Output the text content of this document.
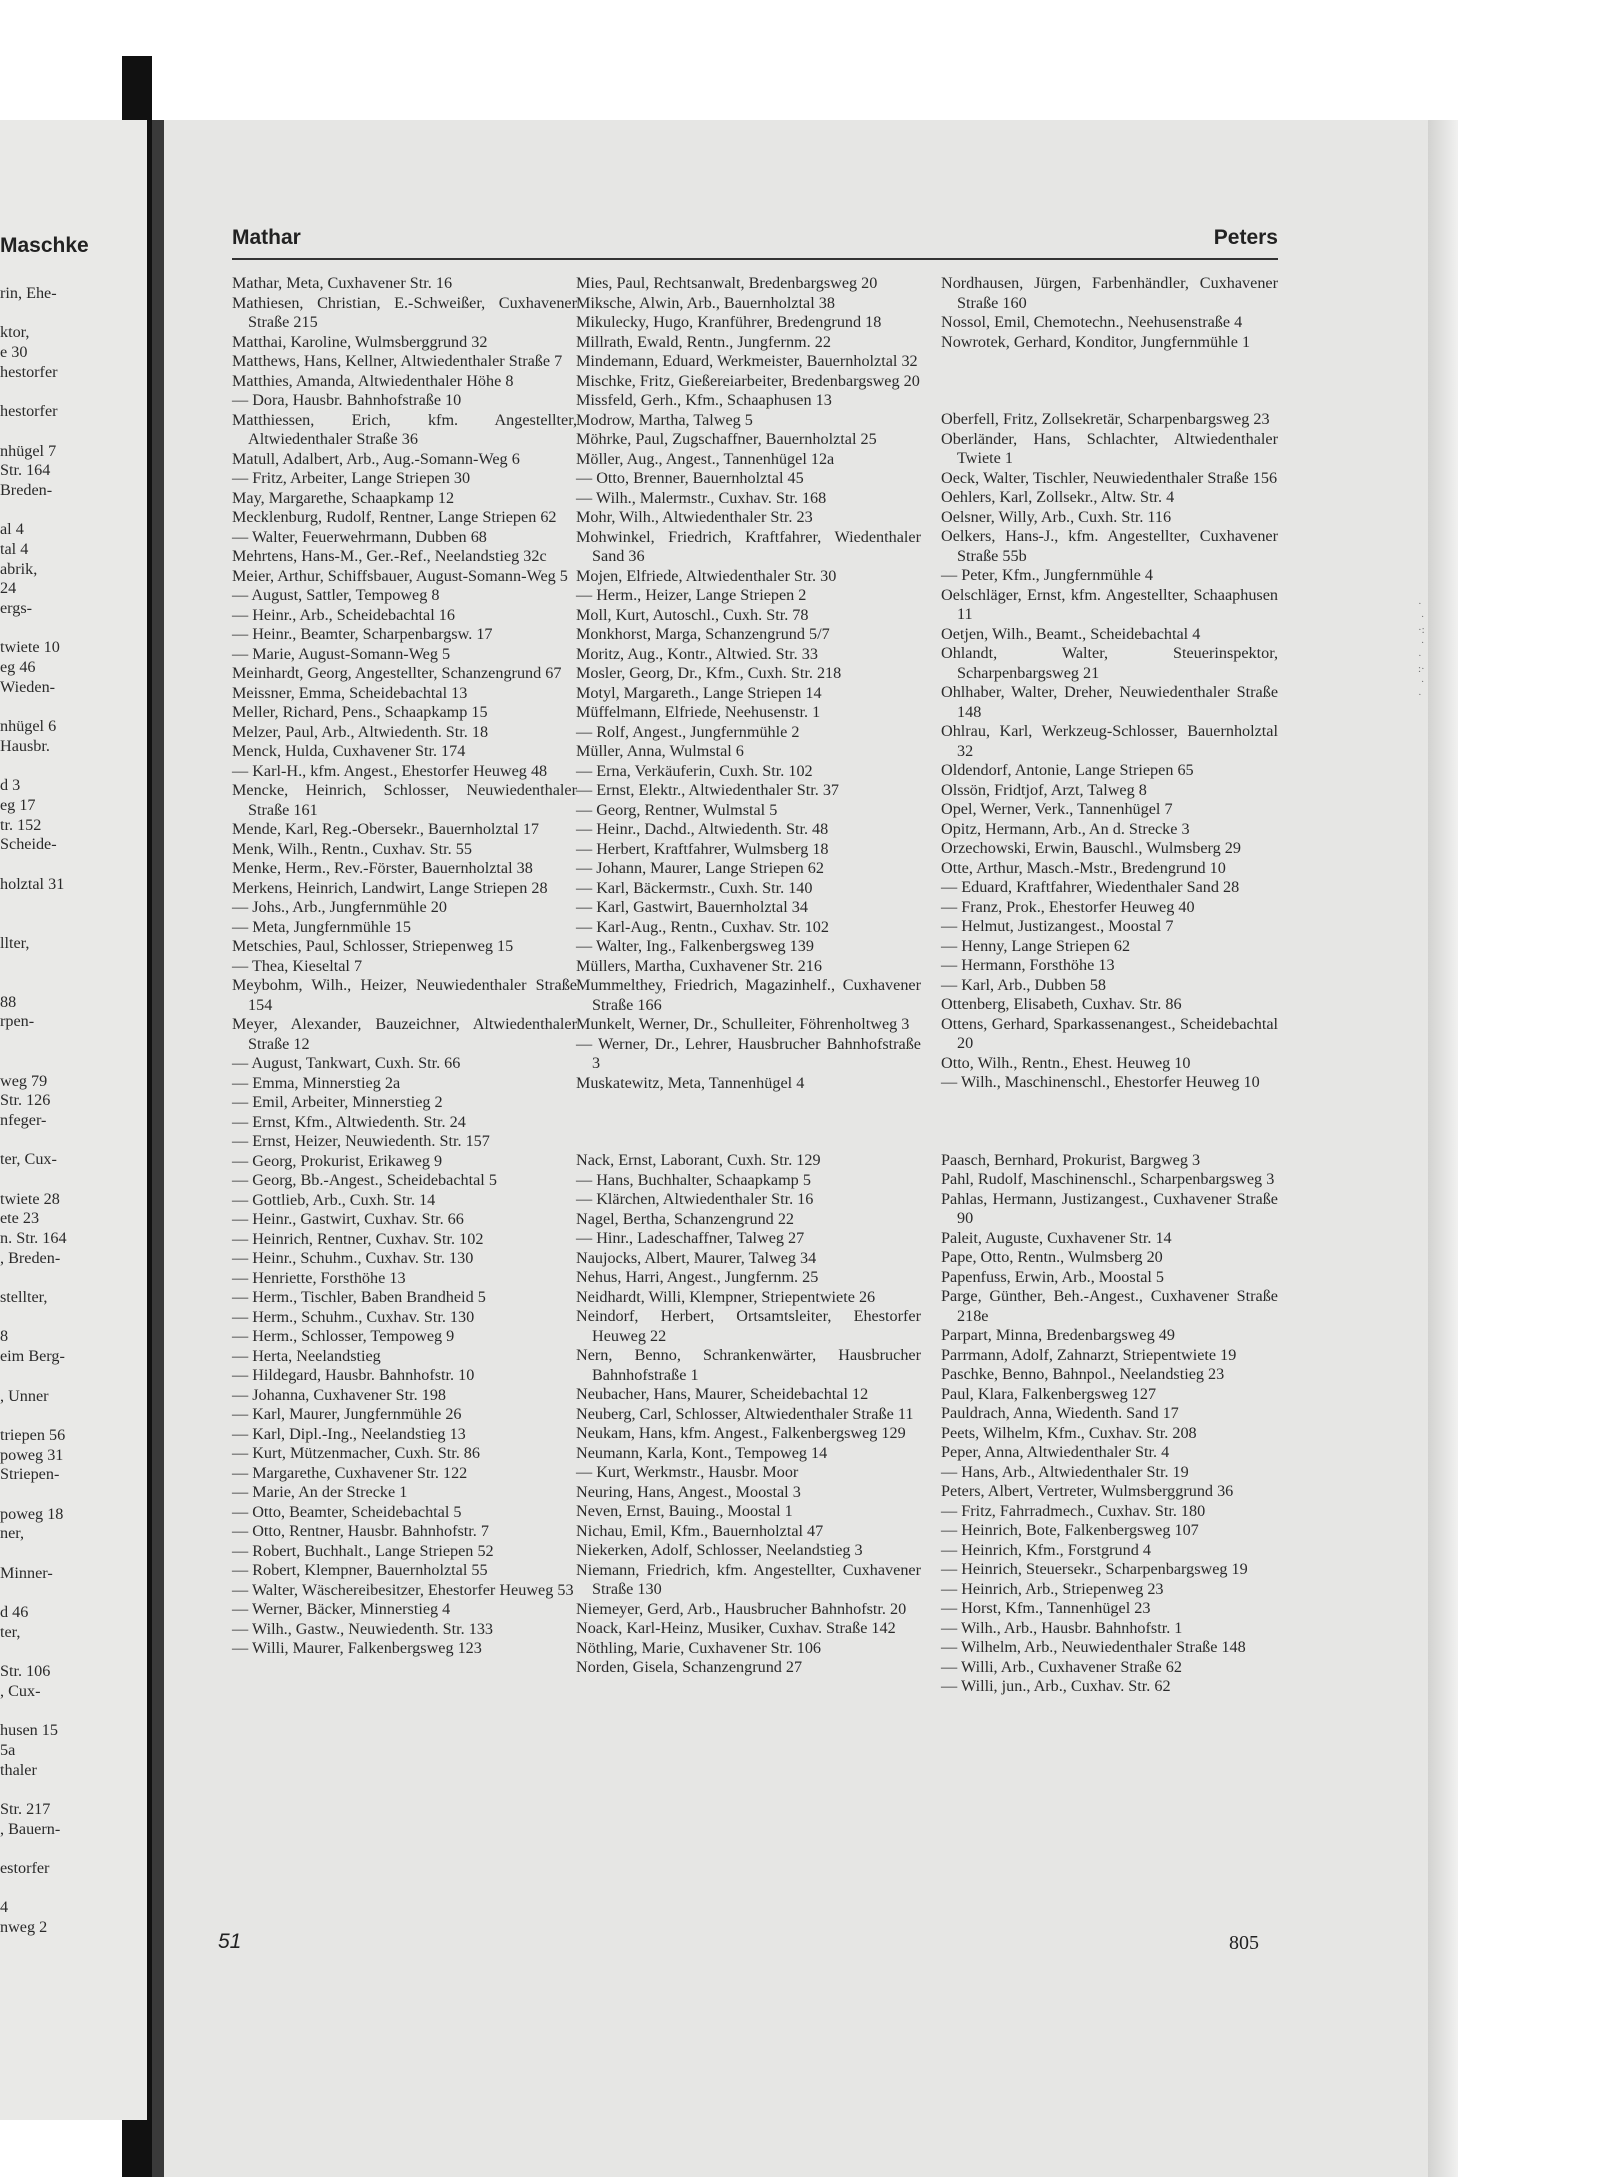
Maschke
rin, Ehe-
ktor,
e 30
hestorfer
hestorfer
nhügel 7
Str. 164
Breden-
al 4
tal 4
abrik,
24
ergs-
twiete 10
eg 46
Wieden-
nhügel 6
Hausbr.
d 3
eg 17
tr. 152
Scheide-
holztal 31
llter,
88
rpen-
weg 79
Str. 126
nfeger-
ter, Cux-
twiete 28
ete 23
n. Str. 164
, Breden-
stellter,
8
eim Berg-
, Unner
triepen 56
poweg 31
Striepen-
poweg 18
ner,
Minner-
d 46
ter,
Str. 106
, Cux-
husen 15
5a
thaler
Str. 217
, Bauern-
estorfer
4
nweg 2
·
·
·:
·
·
:·
·
·
Mathar	Peters
Mathar, Meta, Cuxhavener Str. 16
Mathiesen, Christian, E.-Schweißer, Cuxhavener Straße 215
Matthai, Karoline, Wulmsberggrund 32
Matthews, Hans, Kellner, Altwiedenthaler Straße 7
Matthies, Amanda, Altwiedenthaler Höhe 8
— Dora, Hausbr. Bahnhofstraße 10
Matthiessen, Erich, kfm. Angestellter, Altwiedenthaler Straße 36
Matull, Adalbert, Arb., Aug.-Somann-Weg 6
— Fritz, Arbeiter, Lange Striepen 30
May, Margarethe, Schaapkamp 12
Mecklenburg, Rudolf, Rentner, Lange Striepen 62
— Walter, Feuerwehrmann, Dubben 68
Mehrtens, Hans-M., Ger.-Ref., Neelandstieg 32c
Meier, Arthur, Schiffsbauer, August-Somann-Weg 5
— August, Sattler, Tempoweg 8
— Heinr., Arb., Scheidebachtal 16
— Heinr., Beamter, Scharpenbargsw. 17
— Marie, August-Somann-Weg 5
Meinhardt, Georg, Angestellter, Schanzengrund 67
Meissner, Emma, Scheidebachtal 13
Meller, Richard, Pens., Schaapkamp 15
Melzer, Paul, Arb., Altwiedenth. Str. 18
Menck, Hulda, Cuxhavener Str. 174
— Karl-H., kfm. Angest., Ehestorfer Heuweg 48
Mencke, Heinrich, Schlosser, Neuwiedenthaler Straße 161
Mende, Karl, Reg.-Obersekr., Bauernholztal 17
Menk, Wilh., Rentn., Cuxhav. Str. 55
Menke, Herm., Rev.-Förster, Bauernholztal 38
Merkens, Heinrich, Landwirt, Lange Striepen 28
— Johs., Arb., Jungfernmühle 20
— Meta, Jungfernmühle 15
Metschies, Paul, Schlosser, Striepenweg 15
— Thea, Kieseltal 7
Meybohm, Wilh., Heizer, Neuwiedenthaler Straße 154
Meyer, Alexander, Bauzeichner, Altwiedenthaler Straße 12
— August, Tankwart, Cuxh. Str. 66
— Emma, Minnerstieg 2a
— Emil, Arbeiter, Minnerstieg 2
— Ernst, Kfm., Altwiedenth. Str. 24
— Ernst, Heizer, Neuwiedenth. Str. 157
— Georg, Prokurist, Erikaweg 9
— Georg, Bb.-Angest., Scheidebachtal 5
— Gottlieb, Arb., Cuxh. Str. 14
— Heinr., Gastwirt, Cuxhav. Str. 66
— Heinrich, Rentner, Cuxhav. Str. 102
— Heinr., Schuhm., Cuxhav. Str. 130
— Henriette, Forsthöhe 13
— Herm., Tischler, Baben Brandheid 5
— Herm., Schuhm., Cuxhav. Str. 130
— Herm., Schlosser, Tempoweg 9
— Herta, Neelandstieg
— Hildegard, Hausbr. Bahnhofstr. 10
— Johanna, Cuxhavener Str. 198
— Karl, Maurer, Jungfernmühle 26
— Karl, Dipl.-Ing., Neelandstieg 13
— Kurt, Mützenmacher, Cuxh. Str. 86
— Margarethe, Cuxhavener Str. 122
— Marie, An der Strecke 1
— Otto, Beamter, Scheidebachtal 5
— Otto, Rentner, Hausbr. Bahnhofstr. 7
— Robert, Buchhalt., Lange Striepen 52
— Robert, Klempner, Bauernholztal 55
— Walter, Wäschereibesitzer, Ehestorfer Heuweg 53
— Werner, Bäcker, Minnerstieg 4
— Wilh., Gastw., Neuwiedenth. Str. 133
— Willi, Maurer, Falkenbergsweg 123
Mies, Paul, Rechtsanwalt, Bredenbargsweg 20
Miksche, Alwin, Arb., Bauernholztal 38
Mikulecky, Hugo, Kranführer, Bredengrund 18
Millrath, Ewald, Rentn., Jungfernm. 22
Mindemann, Eduard, Werkmeister, Bauernholztal 32
Mischke, Fritz, Gießereiarbeiter, Bredenbargsweg 20
Missfeld, Gerh., Kfm., Schaaphusen 13
Modrow, Martha, Talweg 5
Möhrke, Paul, Zugschaffner, Bauernholztal 25
Möller, Aug., Angest., Tannenhügel 12a
— Otto, Brenner, Bauernholztal 45
— Wilh., Malermstr., Cuxhav. Str. 168
Mohr, Wilh., Altwiedenthaler Str. 23
Mohwinkel, Friedrich, Kraftfahrer, Wiedenthaler Sand 36
Mojen, Elfriede, Altwiedenthaler Str. 30
— Herm., Heizer, Lange Striepen 2
Moll, Kurt, Autoschl., Cuxh. Str. 78
Monkhorst, Marga, Schanzengrund 5/7
Moritz, Aug., Kontr., Altwied. Str. 33
Mosler, Georg, Dr., Kfm., Cuxh. Str. 218
Motyl, Margareth., Lange Striepen 14
Müffelmann, Elfriede, Neehusenstr. 1
— Rolf, Angest., Jungfernmühle 2
Müller, Anna, Wulmstal 6
— Erna, Verkäuferin, Cuxh. Str. 102
— Ernst, Elektr., Altwiedenthaler Str. 37
— Georg, Rentner, Wulmstal 5
— Heinr., Dachd., Altwiedenth. Str. 48
— Herbert, Kraftfahrer, Wulmsberg 18
— Johann, Maurer, Lange Striepen 62
— Karl, Bäckermstr., Cuxh. Str. 140
— Karl, Gastwirt, Bauernholztal 34
— Karl-Aug., Rentn., Cuxhav. Str. 102
— Walter, Ing., Falkenbergsweg 139
Müllers, Martha, Cuxhavener Str. 216
Mummelthey, Friedrich, Magazinhelf., Cuxhavener Straße 166
Munkelt, Werner, Dr., Schulleiter, Föhrenholtweg 3
— Werner, Dr., Lehrer, Hausbrucher Bahnhofstraße 3
Muskatewitz, Meta, Tannenhügel 4
Nack, Ernst, Laborant, Cuxh. Str. 129
— Hans, Buchhalter, Schaapkamp 5
— Klärchen, Altwiedenthaler Str. 16
Nagel, Bertha, Schanzengrund 22
— Hinr., Ladeschaffner, Talweg 27
Naujocks, Albert, Maurer, Talweg 34
Nehus, Harri, Angest., Jungfernm. 25
Neidhardt, Willi, Klempner, Striepentwiete 26
Neindorf, Herbert, Ortsamtsleiter, Ehestorfer Heuweg 22
Nern, Benno, Schrankenwärter, Hausbrucher Bahnhofstraße 1
Neubacher, Hans, Maurer, Scheidebachtal 12
Neuberg, Carl, Schlosser, Altwiedenthaler Straße 11
Neukam, Hans, kfm. Angest., Falkenbergsweg 129
Neumann, Karla, Kont., Tempoweg 14
— Kurt, Werkmstr., Hausbr. Moor
Neuring, Hans, Angest., Moostal 3
Neven, Ernst, Bauing., Moostal 1
Nichau, Emil, Kfm., Bauernholztal 47
Niekerken, Adolf, Schlosser, Neelandstieg 3
Niemann, Friedrich, kfm. Angestellter, Cuxhavener Straße 130
Niemeyer, Gerd, Arb., Hausbrucher Bahnhofstr. 20
Noack, Karl-Heinz, Musiker, Cuxhav. Straße 142
Nöthling, Marie, Cuxhavener Str. 106
Norden, Gisela, Schanzengrund 27
Nordhausen, Jürgen, Farbenhändler, Cuxhavener Straße 160
Nossol, Emil, Chemotechn., Neehusenstraße 4
Nowrotek, Gerhard, Konditor, Jungfernmühle 1
Oberfell, Fritz, Zollsekretär, Scharpenbargsweg 23
Oberländer, Hans, Schlachter, Altwiedenthaler Twiete 1
Oeck, Walter, Tischler, Neuwiedenthaler Straße 156
Oehlers, Karl, Zollsekr., Altw. Str. 4
Oelsner, Willy, Arb., Cuxh. Str. 116
Oelkers, Hans-J., kfm. Angestellter, Cuxhavener Straße 55b
— Peter, Kfm., Jungfernmühle 4
Oelschläger, Ernst, kfm. Angestellter, Schaaphusen 11
Oetjen, Wilh., Beamt., Scheidebachtal 4
Ohlandt, Walter, Steuerinspektor, Scharpenbargsweg 21
Ohlhaber, Walter, Dreher, Neuwiedenthaler Straße 148
Ohlrau, Karl, Werkzeug-Schlosser, Bauernholztal 32
Oldendorf, Antonie, Lange Striepen 65
Olssön, Fridtjof, Arzt, Talweg 8
Opel, Werner, Verk., Tannenhügel 7
Opitz, Hermann, Arb., An d. Strecke 3
Orzechowski, Erwin, Bauschl., Wulmsberg 29
Otte, Arthur, Masch.-Mstr., Bredengrund 10
— Eduard, Kraftfahrer, Wiedenthaler Sand 28
— Franz, Prok., Ehestorfer Heuweg 40
— Helmut, Justizangest., Moostal 7
— Henny, Lange Striepen 62
— Hermann, Forsthöhe 13
— Karl, Arb., Dubben 58
Ottenberg, Elisabeth, Cuxhav. Str. 86
Ottens, Gerhard, Sparkassenangest., Scheidebachtal 20
Otto, Wilh., Rentn., Ehest. Heuweg 10
— Wilh., Maschinenschl., Ehestorfer Heuweg 10
Paasch, Bernhard, Prokurist, Bargweg 3
Pahl, Rudolf, Maschinenschl., Scharpenbargsweg 3
Pahlas, Hermann, Justizangest., Cuxhavener Straße 90
Paleit, Auguste, Cuxhavener Str. 14
Pape, Otto, Rentn., Wulmsberg 20
Papenfuss, Erwin, Arb., Moostal 5
Parge, Günther, Beh.-Angest., Cuxhavener Straße 218e
Parpart, Minna, Bredenbargsweg 49
Parrmann, Adolf, Zahnarzt, Striepentwiete 19
Paschke, Benno, Bahnpol., Neelandstieg 23
Paul, Klara, Falkenbergsweg 127
Pauldrach, Anna, Wiedenth. Sand 17
Peets, Wilhelm, Kfm., Cuxhav. Str. 208
Peper, Anna, Altwiedenthaler Str. 4
— Hans, Arb., Altwiedenthaler Str. 19
Peters, Albert, Vertreter, Wulmsberggrund 36
— Fritz, Fahrradmech., Cuxhav. Str. 180
— Heinrich, Bote, Falkenbergsweg 107
— Heinrich, Kfm., Forstgrund 4
— Heinrich, Steuersekr., Scharpenbargsweg 19
— Heinrich, Arb., Striepenweg 23
— Horst, Kfm., Tannenhügel 23
— Wilh., Arb., Hausbr. Bahnhofstr. 1
— Wilhelm, Arb., Neuwiedenthaler Straße 148
— Willi, Arb., Cuxhavener Straße 62
— Willi, jun., Arb., Cuxhav. Str. 62
51	805
